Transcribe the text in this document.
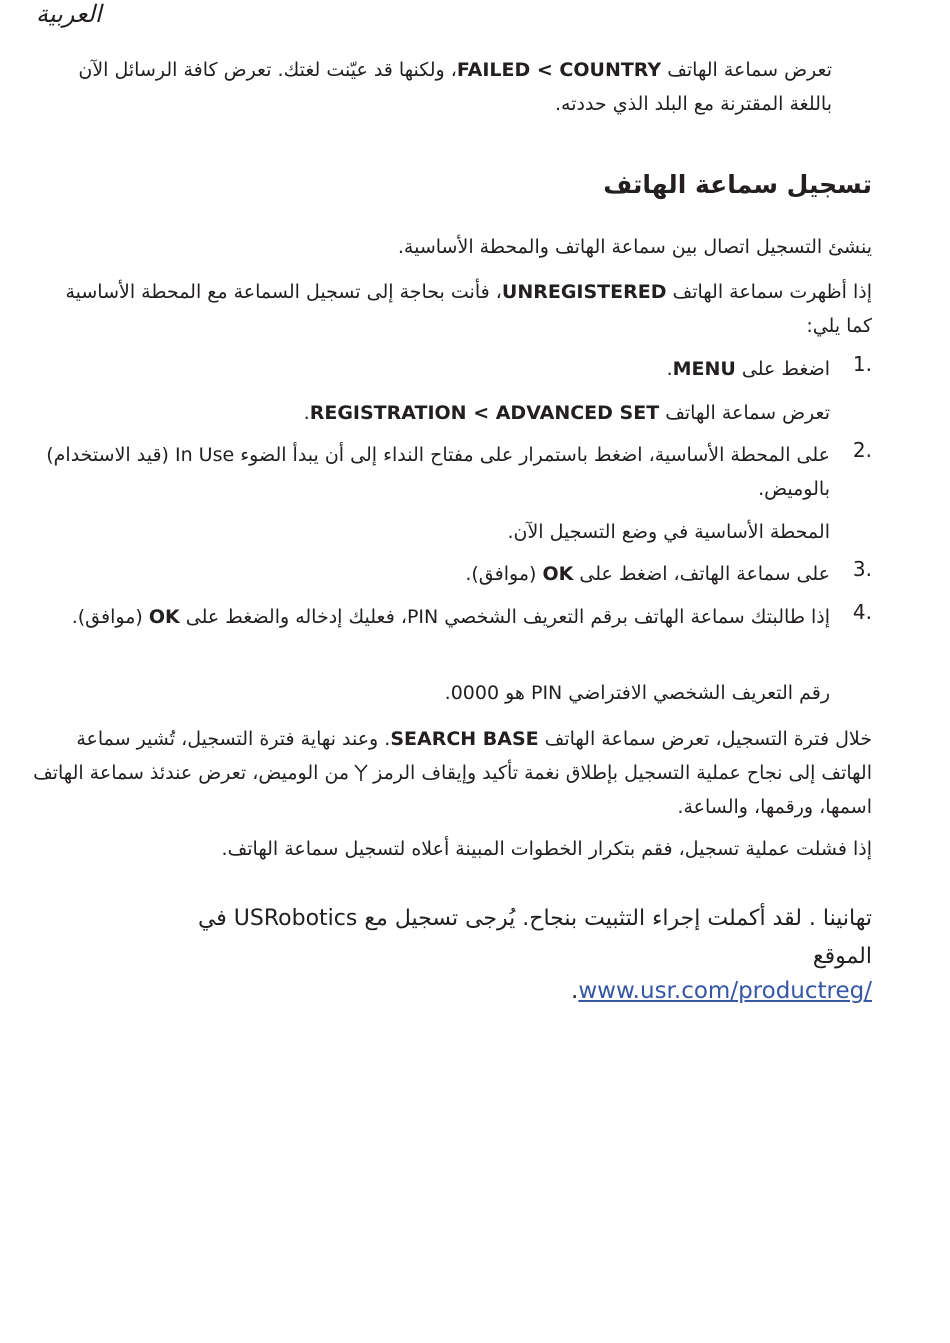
العربية
تعرض سماعة الهاتف FAILED < COUNTRY، ولكنها قد عيّنت لغتك. تعرض كافة الرسائل الآن باللغة المقترنة مع البلد الذي حددته.
تسجيل سماعة الهاتف
ينشئ التسجيل اتصال بين سماعة الهاتف والمحطة الأساسية.
إذا أظهرت سماعة الهاتف UNREGISTERED، فأنت بحاجة إلى تسجيل السماعة مع المحطة الأساسية كما يلي:
1.
اضغط على MENU.
تعرض سماعة الهاتف REGISTRATION < ADVANCED SET.
2.
على المحطة الأساسية، اضغط باستمرار على مفتاح النداء إلى أن يبدأ الضوء In Use (قيد الاستخدام) بالوميض.
المحطة الأساسية في وضع التسجيل الآن.
3.
على سماعة الهاتف، اضغط على OK (موافق).
4.
إذا طالبتك سماعة الهاتف برقم التعريف الشخصي PIN، فعليك إدخاله والضغط على OK (موافق).
رقم التعريف الشخصي الافتراضي PIN هو 0000.
خلال فترة التسجيل، تعرض سماعة الهاتف SEARCH BASE. وعند نهاية فترة التسجيل، تُشير سماعة الهاتف إلى نجاح عملية التسجيل بإطلاق نغمة تأكيد وإيقاف الرمزمن الوميض، تعرض عندئذ سماعة الهاتف اسمها، ورقمها، والساعة.
إذا فشلت عملية تسجيل، فقم بتكرار الخطوات المبينة أعلاه لتسجيل سماعة الهاتف.
تهانينا . لقد أكملت إجراء التثبيت بنجاح. يُرجى تسجيل مع USRobotics في الموقع
.www.usr.com/productreg/
